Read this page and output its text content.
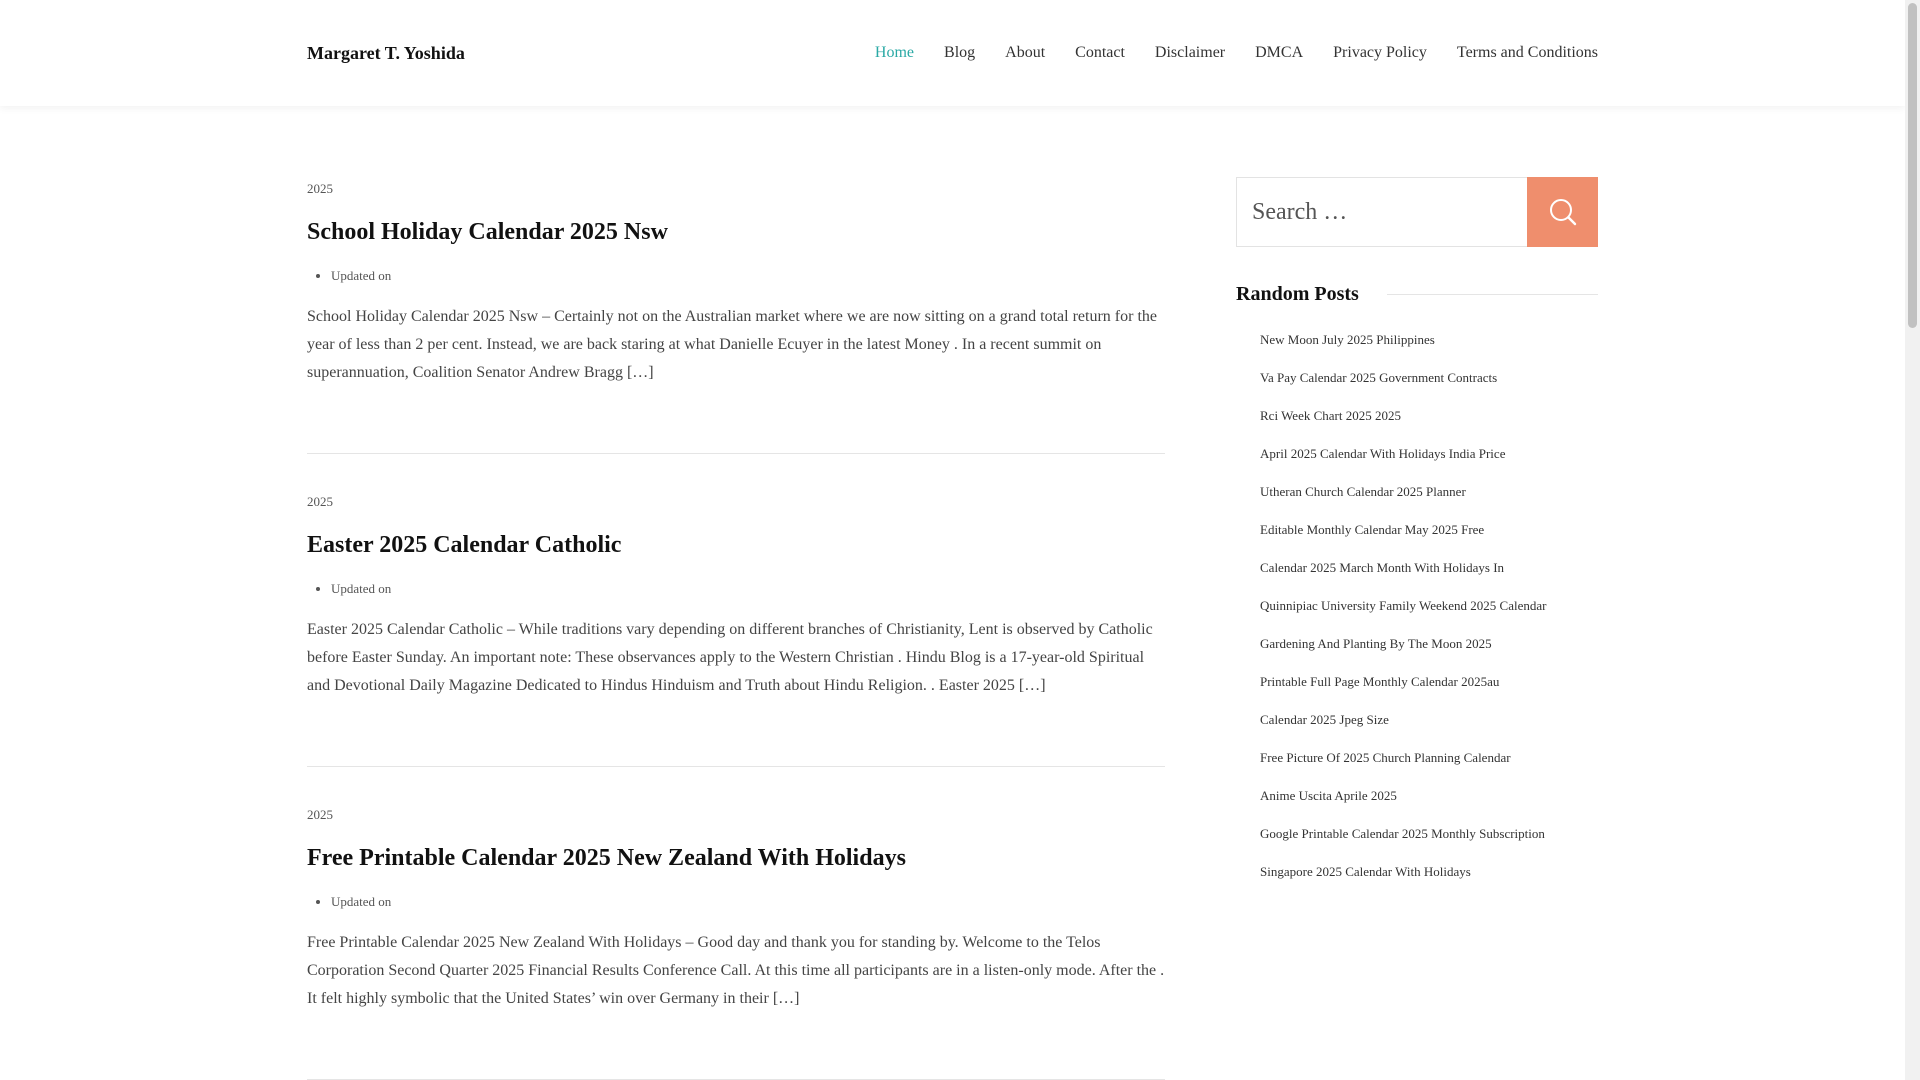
Margaret T. Yoshida	Home Blog About Contact Disclaimer DMCA Privacy Policy Terms and Conditions
2025
School Holiday Calendar 2025 Nsw
• Updated on

School Holiday Calendar 2025 Nsw – Certainly not on the Australian market where we are now sitting on a grand total return for the year of less than 2 per cent. Instead, we are back staring at what Danielle Ecuyer in the latest Money . In a recent summit on superannuation, Coalition Senator Andrew Bragg […]

2025
Easter 2025 Calendar Catholic
• Updated on

Easter 2025 Calendar Catholic – While traditions vary depending on different branches of Christianity, Lent is observed by Catholic before Easter Sunday. An important note: These observances apply to the Western Christian . Hindu Blog is a 17-year-old Spiritual and Devotional Daily Magazine Dedicated to Hindus Hinduism and Truth about Hindu Religion. . Easter 2025 […]

2025
Free Printable Calendar 2025 New Zealand With Holidays
• Updated on

Free Printable Calendar 2025 New Zealand With Holidays – Good day and thank you for standing by. Welcome to the Telos Corporation Second Quarter 2025 Financial Results Conference Call. At this time all participants are in a listen-only mode. After the . It felt highly symbolic that the United States’ win over Germany in their […]

Search …
Random Posts
New Moon July 2025 Philippines
Va Pay Calendar 2025 Government Contracts
Rci Week Chart 2025 2025
April 2025 Calendar With Holidays India Price
Utheran Church Calendar 2025 Planner
Editable Monthly Calendar May 2025 Free
Calendar 2025 March Month With Holidays In
Quinnipiac University Family Weekend 2025 Calendar
Gardening And Planting By The Moon 2025
Printable Full Page Monthly Calendar 2025au
Calendar 2025 Jpeg Size
Free Picture Of 2025 Church Planning Calendar
Anime Uscita Aprile 2025
Google Printable Calendar 2025 Monthly Subscription
Singapore 2025 Calendar With Holidays
